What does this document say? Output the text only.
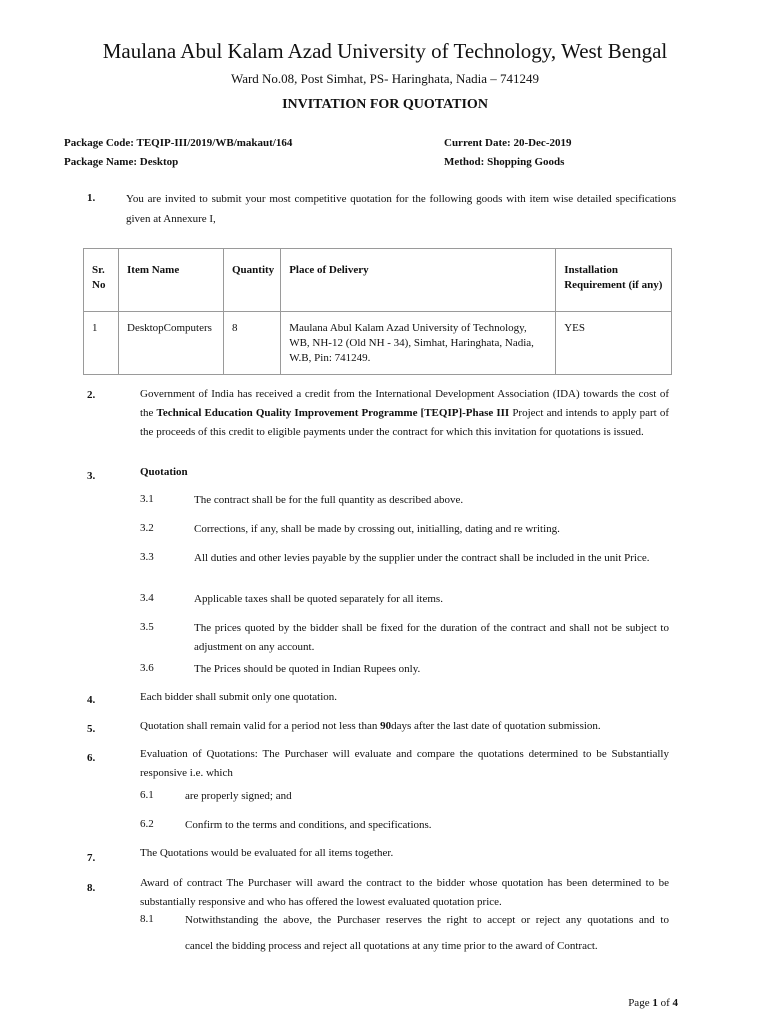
Maulana Abul Kalam Azad University of Technology, West Bengal
Ward No.08, Post Simhat, PS- Haringhata, Nadia – 741249
INVITATION FOR QUOTATION
Package Code: TEQIP-III/2019/WB/makaut/164	Current Date: 20-Dec-2019
Package Name: Desktop	Method: Shopping Goods
1.	You are invited to submit your most competitive quotation for the following goods with item wise detailed specifications given at Annexure I,
Sr. No	Item Name	Quantity	Place of Delivery	Installation Requirement (if any)
1	DesktopComputers	8	Maulana Abul Kalam Azad University of Technology, WB, NH-12 (Old NH - 34), Simhat, Haringhata, Nadia, W.B, Pin: 741249.	YES
2.	Government of India has received a credit from the International Development Association (IDA) towards the cost of the Technical Education Quality Improvement Programme [TEQIP]-Phase III Project and intends to apply part of the proceeds of this credit to eligible payments under the contract for which this invitation for quotations is issued.
3.	Quotation
3.1	The contract shall be for the full quantity as described above.
3.2	Corrections, if any, shall be made by crossing out, initialling, dating and re writing.
3.3	All duties and other levies payable by the supplier under the contract shall be included in the unit Price.
3.4	Applicable taxes shall be quoted separately for all items.
3.5	The prices quoted by the bidder shall be fixed for the duration of the contract and shall not be subject to adjustment on any account.
3.6	The Prices should be quoted in Indian Rupees only.
4.	Each bidder shall submit only one quotation.
5.	Quotation shall remain valid for a period not less than 90days after the last date of quotation submission.
6.	Evaluation of Quotations: The Purchaser will evaluate and compare the quotations determined to be Substantially responsive i.e. which
6.1	are properly signed; and
6.2	Confirm to the terms and conditions, and specifications.
7.	The Quotations would be evaluated for all items together.
8.	Award of contract The Purchaser will award the contract to the bidder whose quotation has been determined to be substantially responsive and who has offered the lowest evaluated quotation price.
8.1	Notwithstanding the above, the Purchaser reserves the right to accept or reject any quotations and to
cancel the bidding process and reject all quotations at any time prior to the award of Contract.
Page 1 of 4
